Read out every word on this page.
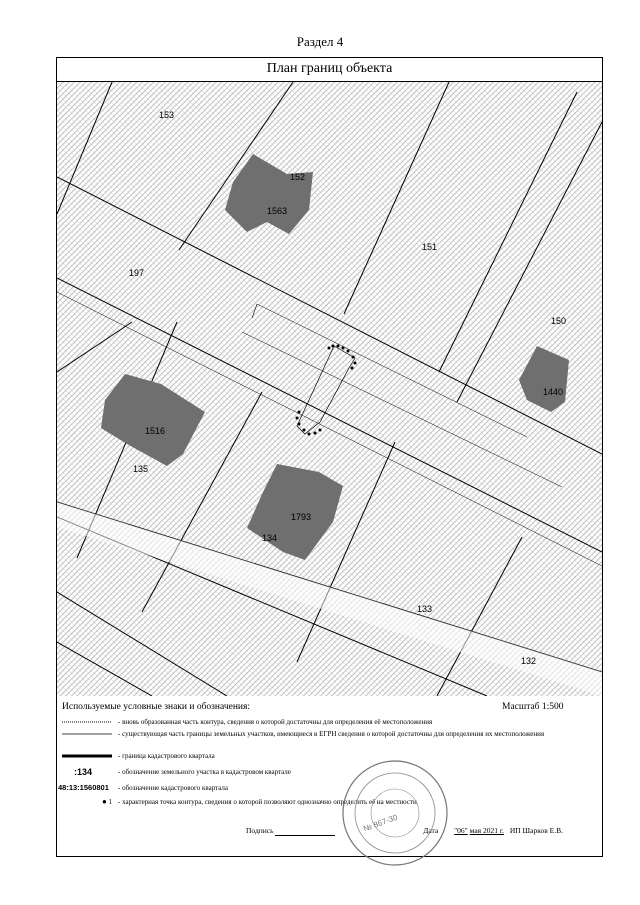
Раздел 4
План границ объекта
153
152
1563
151
197
150
1440
1516
135
1793
134
133
132
Используемые условные знаки и обозначения:	Масштаб 1:500
- вновь образованная часть контура, сведения о которой достаточны для определения её местоположения
- существующая часть границы земельных участков, имеющиеся в ЕГРН сведения о которой достаточны для определения их местоположения
- граница кадастрового квартала
:134	- обозначение земельного участка в кадастровом квартале
48:13:1560801	- обозначение кадастрового квартала
● 1 - характерная точка контура, сведения о которой позволяют однозначно определить её на местности
Подпись	Дата "06" мая 2021 г. ИП Шарков Е.В.
№ 867-30
